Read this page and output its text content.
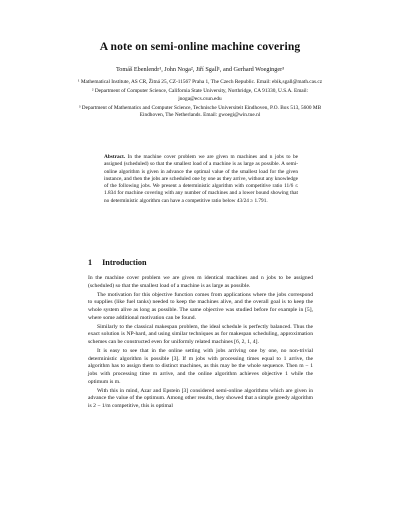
A note on semi-online machine covering
Tomáš Ebenlendr¹, John Noga², Jiří Sgall¹, and Gerhard Woeginger³
¹ Mathematical Institute, AS CR, Žitná 25, CZ-11567 Praha 1, The Czech Republic. Email: ebik,sgall@math.cas.cz
² Department of Computer Science, California State University, Northridge, CA 91330, U.S.A. Email: jnoga@ecs.csun.edu
³ Department of Mathematics and Computer Science, Technische Universiteit Eindhoven, P.O. Box 513, 5600 MB Eindhoven, The Netherlands. Email: gwoegi@win.tue.nl
Abstract. In the machine cover problem we are given m machines and n jobs to be assigned (scheduled) so that the smallest load of a machine is as large as possible. A semi-online algorithm is given in advance the optimal value of the smallest load for the given instance, and then the jobs are scheduled one by one as they arrive, without any knowledge of the following jobs. We present a deterministic algorithm with competitive ratio 11/6 ≤ 1.834 for machine covering with any number of machines and a lower bound showing that no deterministic algorithm can have a competitive ratio below 43/24 ≥ 1.791.
1 Introduction

In the machine cover problem we are given m identical machines and n jobs to be assigned (scheduled) so that the smallest load of a machine is as large as possible.

The motivation for this objective function comes from applications where the jobs correspond to supplies (like fuel tanks) needed to keep the machines alive, and the overall goal is to keep the whole system alive as long as possible. The same objective was studied before for example in [5], where some additional motivation can be found.

Similarly to the classical makespan problem, the ideal schedule is perfectly balanced. Thus the exact solution is NP-hard, and using similar techniques as for makespan scheduling, approximation schemes can be constructed even for uniformly related machines [6, 2, 1, 4].

It is easy to see that in the online setting with jobs arriving one by one, no non-trivial deterministic algorithm is possible [3]. If m jobs with processing times equal to 1 arrive, the algorithm has to assign them to distinct machines, as this may be the whole sequence. Then m − 1 jobs with processing time m arrive, and the online algorithm achieves objective 1 while the optimum is m.

With this in mind, Azar and Epstein [3] considered semi-online algorithms which are given in advance the value of the optimum. Among other results, they showed that a simple greedy algorithm is 2 − 1/m competitive, this is optimal
